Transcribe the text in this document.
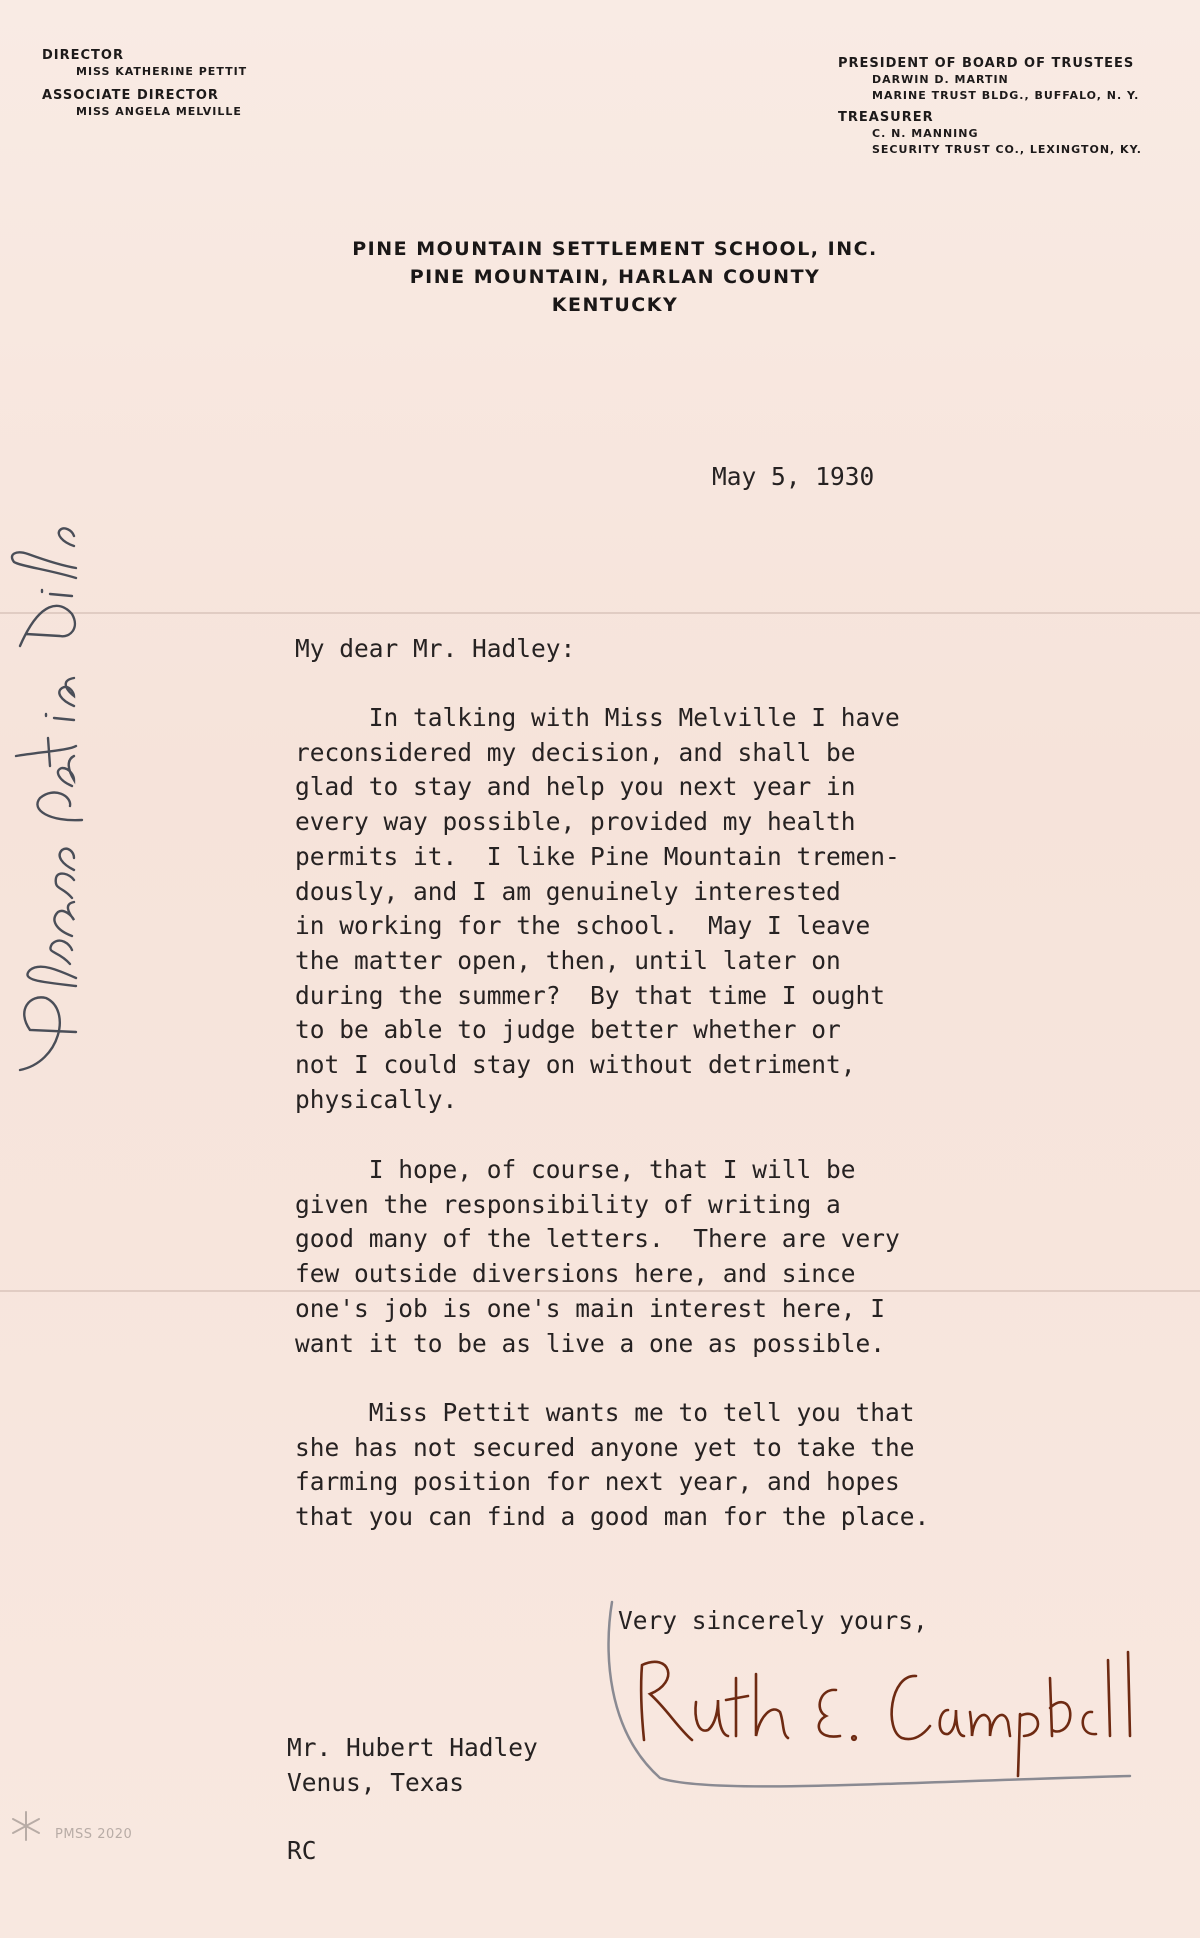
DIRECTOR
MISS KATHERINE PETTIT
ASSOCIATE DIRECTOR
MISS ANGELA MELVILLE
PRESIDENT OF BOARD OF TRUSTEES
DARWIN D. MARTIN
MARINE TRUST BLDG., BUFFALO, N. Y.
TREASURER
C. N. MANNING
SECURITY TRUST CO., LEXINGTON, KY.
PINE MOUNTAIN SETTLEMENT SCHOOL, INC.
PINE MOUNTAIN, HARLAN COUNTY
KENTUCKY
May 5, 1930
My dear Mr. Hadley:
In talking with Miss Melville I have
reconsidered my decision, and shall be
glad to stay and help you next year in
every way possible, provided my health
permits it.  I like Pine Mountain tremen-
dously, and I am genuinely interested
in working for the school.  May I leave
the matter open, then, until later on
during the summer?  By that time I ought
to be able to judge better whether or
not I could stay on without detriment,
physically.
I hope, of course, that I will be
given the responsibility of writing a
good many of the letters.  There are very
few outside diversions here, and since
one's job is one's main interest here, I
want it to be as live a one as possible.
Miss Pettit wants me to tell you that
she has not secured anyone yet to take the
farming position for next year, and hopes
that you can find a good man for the place.
Very sincerely yours,
Mr. Hubert Hadley
Venus, Texas
RC
PMSS 2020
